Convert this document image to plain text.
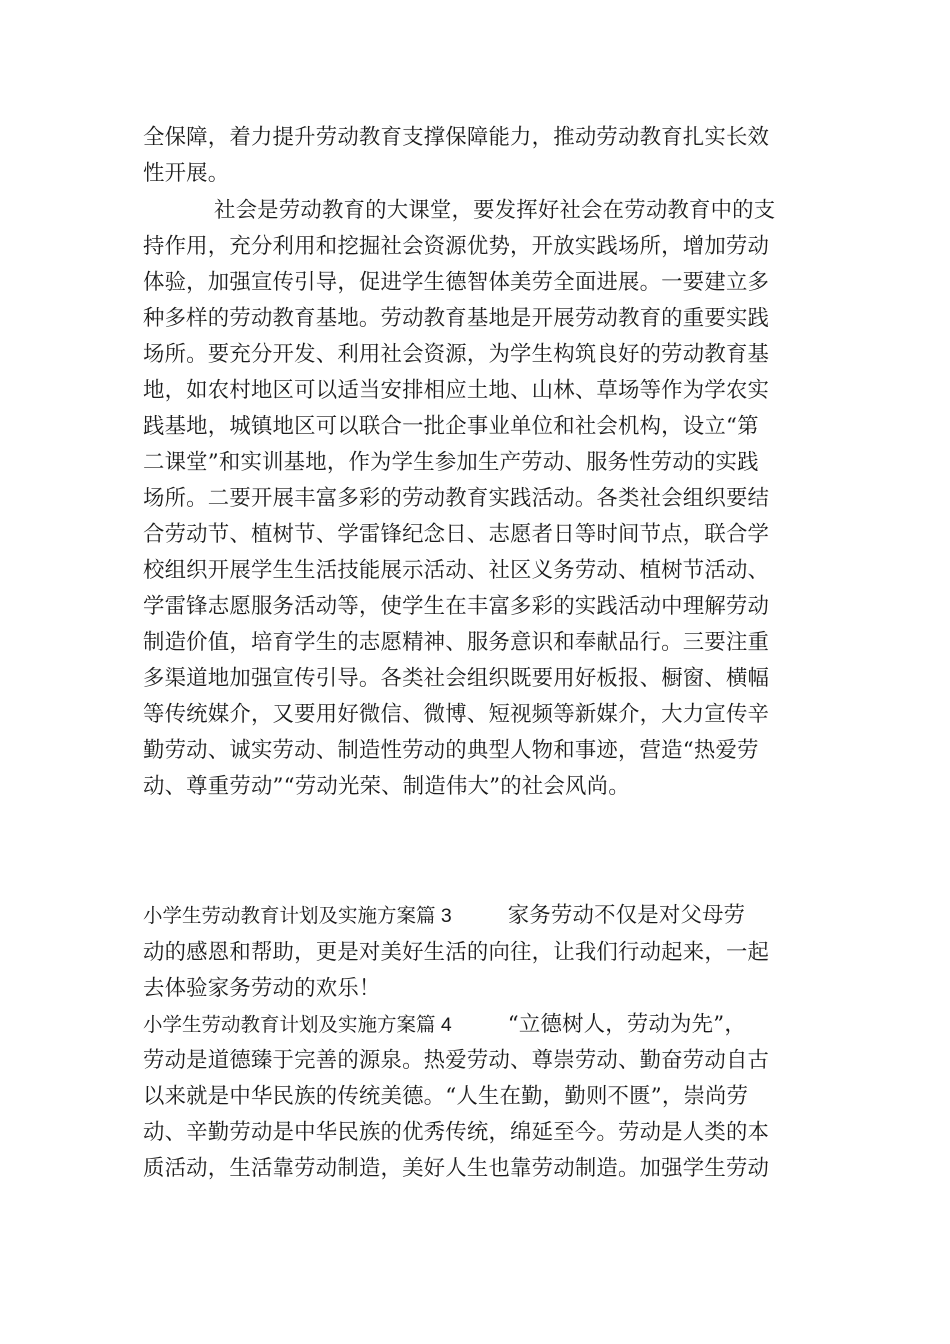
全保障，着力提升劳动教育支撑保障能力，推动劳动教育扎实长效
性开展。
社会是劳动教育的大课堂，要发挥好社会在劳动教育中的支
持作用，充分利用和挖掘社会资源优势，开放实践场所，增加劳动
体验，加强宣传引导，促进学生德智体美劳全面进展。一要建立多
种多样的劳动教育基地。劳动教育基地是开展劳动教育的重要实践
场所。要充分开发、利用社会资源，为学生构筑良好的劳动教育基
地，如农村地区可以适当安排相应土地、山林、草场等作为学农实
践基地，城镇地区可以联合一批企事业单位和社会机构，设立“第
二课堂”和实训基地，作为学生参加生产劳动、服务性劳动的实践
场所。二要开展丰富多彩的劳动教育实践活动。各类社会组织要结
合劳动节、植树节、学雷锋纪念日、志愿者日等时间节点，联合学
校组织开展学生生活技能展示活动、社区义务劳动、植树节活动、
学雷锋志愿服务活动等，使学生在丰富多彩的实践活动中理解劳动
制造价值，培育学生的志愿精神、服务意识和奉献品行。三要注重
多渠道地加强宣传引导。各类社会组织既要用好板报、橱窗、横幅
等传统媒介，又要用好微信、微博、短视频等新媒介，大力宣传辛
勤劳动、诚实劳动、制造性劳动的典型人物和事迹，营造“热爱劳
动、尊重劳动”“劳动光荣、制造伟大”的社会风尚。
小学生劳动教育计划及实施方案篇 3	家务劳动不仅是对父母劳
动的感恩和帮助，更是对美好生活的向往，让我们行动起来，一起
去体验家务劳动的欢乐！
小学生劳动教育计划及实施方案篇 4	“立德树人，劳动为先”，
劳动是道德臻于完善的源泉。热爱劳动、尊崇劳动、勤奋劳动自古
以来就是中华民族的传统美德。“人生在勤，勤则不匮”，崇尚劳
动、辛勤劳动是中华民族的优秀传统，绵延至今。劳动是人类的本
质活动，生活靠劳动制造，美好人生也靠劳动制造。加强学生劳动
